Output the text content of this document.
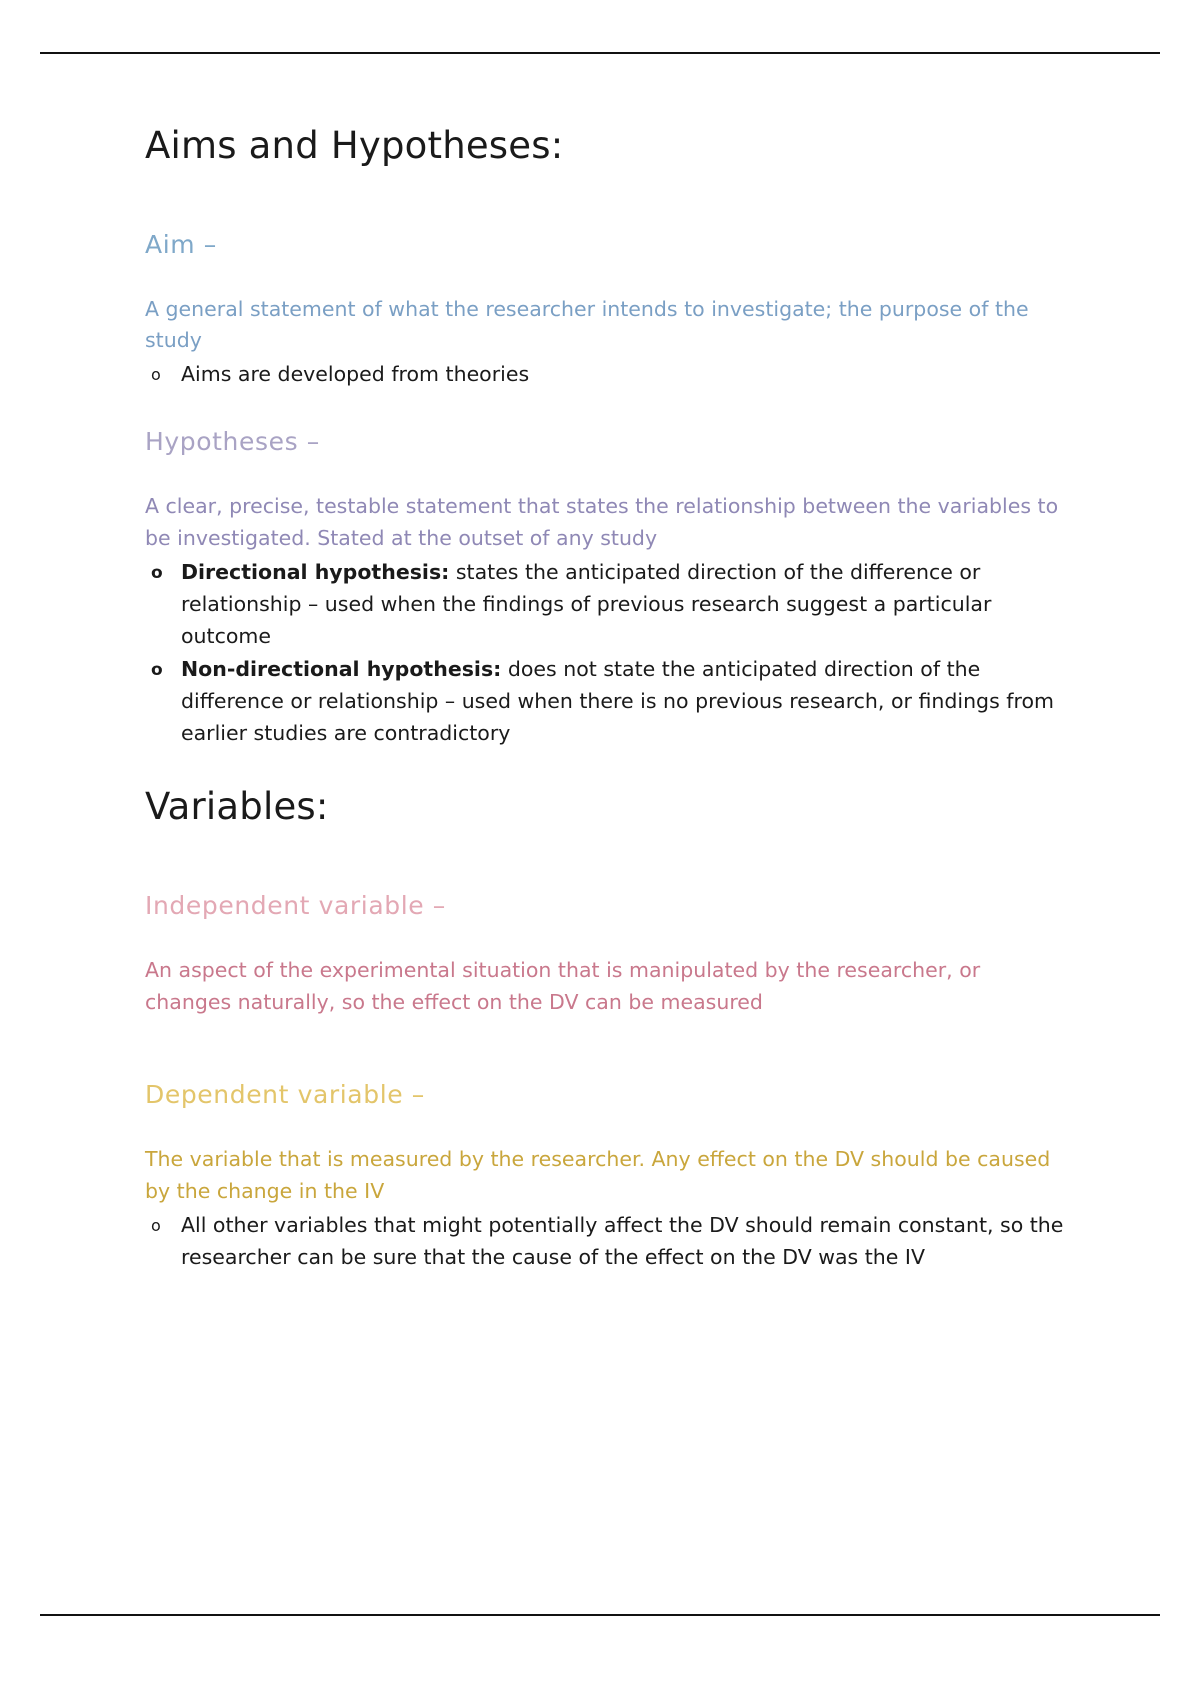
Aims and Hypotheses:
Aim –

A general statement of what the researcher intends to investigate; the purpose of the study

o Aims are developed from theories
Hypotheses –

A clear, precise, testable statement that states the relationship between the variables to be investigated. Stated at the outset of any study

o Directional hypothesis: states the anticipated direction of the difference or relationship – used when the findings of previous research suggest a particular outcome
o Non-directional hypothesis: does not state the anticipated direction of the difference or relationship – used when there is no previous research, or findings from earlier studies are contradictory
Variables:
Independent variable –

An aspect of the experimental situation that is manipulated by the researcher, or changes naturally, so the effect on the DV can be measured

Dependent variable –

The variable that is measured by the researcher. Any effect on the DV should be caused by the change in the IV

o All other variables that might potentially affect the DV should remain constant, so the researcher can be sure that the cause of the effect on the DV was the IV
